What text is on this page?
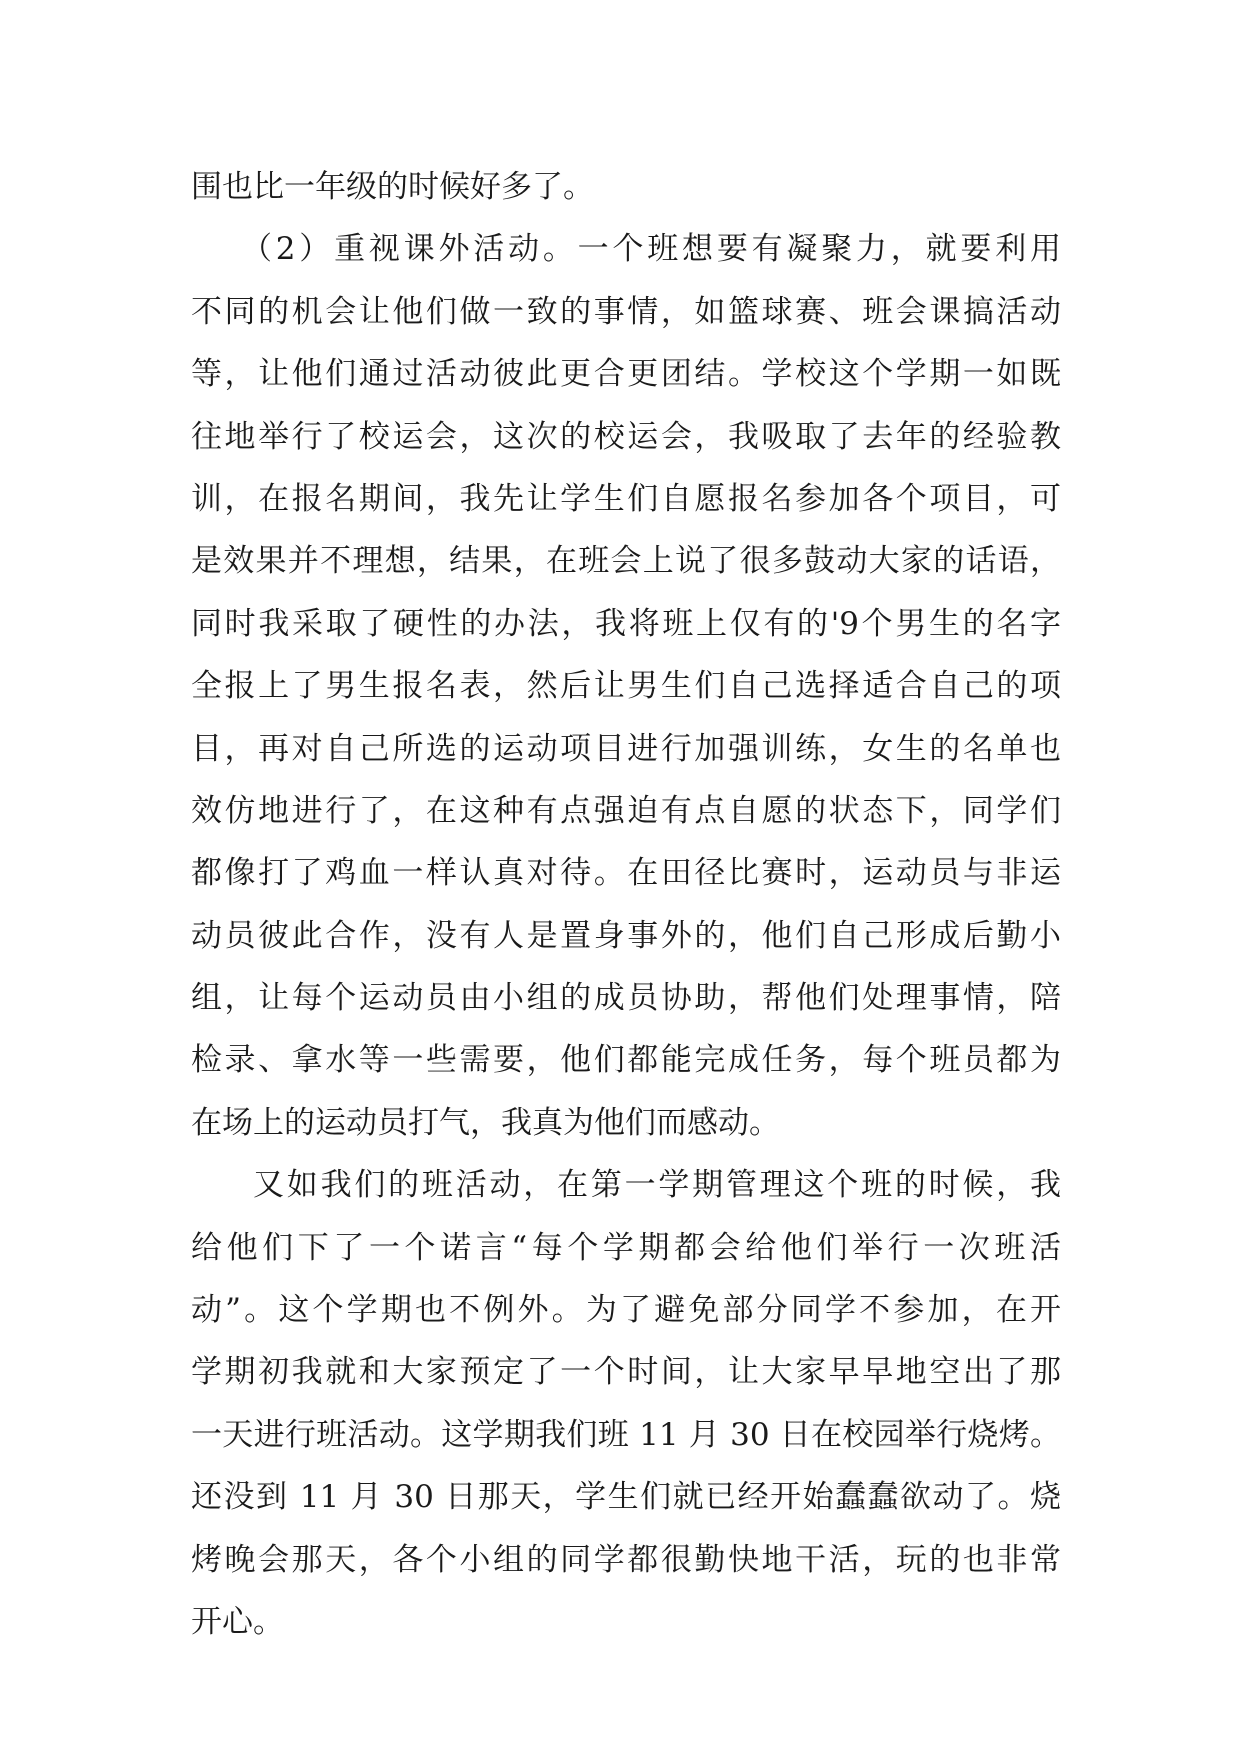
围也比一年级的时候好多了。
（2）重视课外活动。一个班想要有凝聚力，就要利用
不同的机会让他们做一致的事情，如篮球赛、班会课搞活动
等，让他们通过活动彼此更合更团结。学校这个学期一如既
往地举行了校运会，这次的校运会，我吸取了去年的经验教
训，在报名期间，我先让学生们自愿报名参加各个项目，可
是效果并不理想，结果，在班会上说了很多鼓动大家的话语，
同时我采取了硬性的办法，我将班上仅有的'9个男生的名字
全报上了男生报名表，然后让男生们自己选择适合自己的项
目，再对自己所选的运动项目进行加强训练，女生的名单也
效仿地进行了，在这种有点强迫有点自愿的状态下，同学们
都像打了鸡血一样认真对待。在田径比赛时，运动员与非运
动员彼此合作，没有人是置身事外的，他们自己形成后勤小
组，让每个运动员由小组的成员协助，帮他们处理事情，陪
检录、拿水等一些需要，他们都能完成任务，每个班员都为
在场上的运动员打气，我真为他们而感动。
又如我们的班活动，在第一学期管理这个班的时候，我
给他们下了一个诺言“每个学期都会给他们举行一次班活
动”。这个学期也不例外。为了避免部分同学不参加，在开
学期初我就和大家预定了一个时间，让大家早早地空出了那
一天进行班活动。这学期我们班 11 月 30 日在校园举行烧烤。
还没到 11 月 30 日那天，学生们就已经开始蠢蠢欲动了。烧
烤晚会那天，各个小组的同学都很勤快地干活，玩的也非常
开心。
